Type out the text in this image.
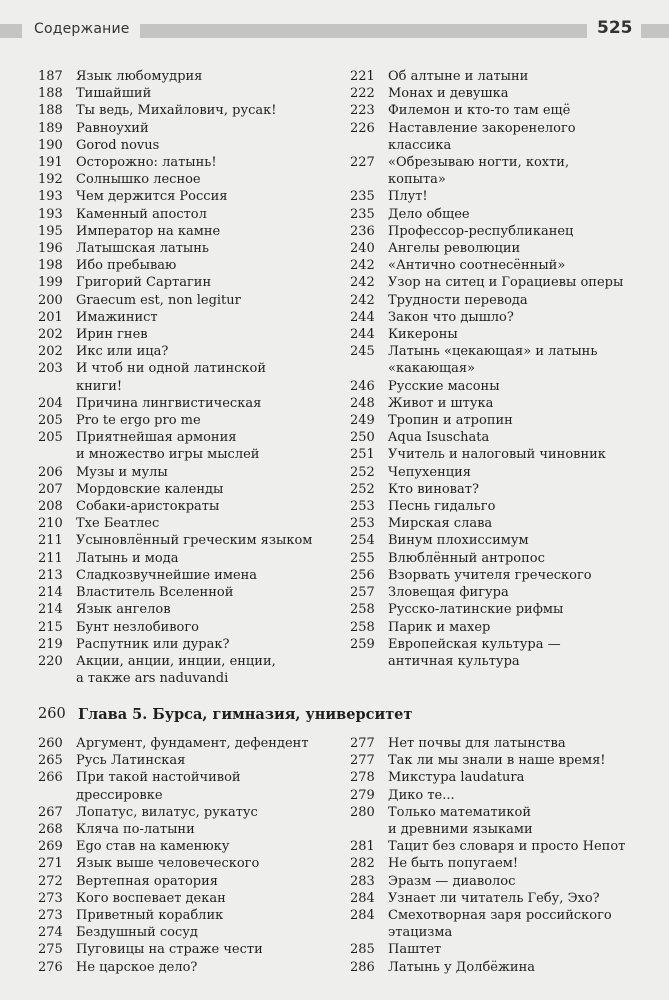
Содержание	525
187	Язык любомудрия
188	Тишайший
188	Ты ведь, Михайлович, русак!
189	Равноухий
190	Gorod novus
191	Осторожно: латынь!
192	Солнышко лесное
193	Чем держится Россия
193	Каменный апостол
195	Император на камне
196	Латышская латынь
198	Ибо пребываю
199	Григорий Сартагин
200	Graecum est, non legitur
201	Имажинист
202	Ирин гнев
202	Икс или ица?
203	И чтоб ни одной латинской
книги!
204	Причина лингвистическая
205	Pro te ergo pro me
205	Приятнейшая армония
и множество игры мыслей
206	Музы и мулы
207	Мордовские календы
208	Собаки-аристократы
210	Тхе Беатлес
211	Усыновлённый греческим языком
211	Латынь и мода
213	Сладкозвучнейшие имена
214	Властитель Вселенной
214	Язык ангелов
215	Бунт незлобивого
219	Распутник или дурак?
220	Акции, анции, инции, енции,
а также ars naduvandi
221	Об алтыне и латыни
222	Монах и девушка
223	Филемон и кто-то там ещё
226	Наставление закоренелого
классика
227	«Обрезываю ногти, кохти,
копыта»
235	Плут!
235	Дело общее
236	Профессор-республиканец
240	Ангелы революции
242	«Антично соотнесённый»
242	Узор на ситец и Горациевы оперы
242	Трудности перевода
244	Закон что дышло?
244	Кикероны
245	Латынь «цекающая» и латынь
«какающая»
246	Русские масоны
248	Живот и штука
249	Тропин и атропин
250	Aqua Isuschata
251	Учитель и налоговый чиновник
252	Чепухенция
252	Кто виноват?
253	Песнь гидальго
253	Мирская слава
254	Винум плохиссимум
255	Влюблённый антропос
256	Взорвать учителя греческого
257	Зловещая фигура
258	Русско-латинские рифмы
258	Парик и махер
259	Европейская культура —
античная культура
260 Глава 5. Бурса, гимназия, университет
260	Аргумент, фундамент, дефендент
265	Русь Латинская
266	При такой настойчивой
дрессировке
267	Лопатус, вилатус, рукатус
268	Кляча по-латыни
269	Ego став на каменюку
271	Язык выше человеческого
272	Вертепная оратория
273	Кого воспевает декан
273	Приветный кораблик
274	Бездушный сосуд
275	Пуговицы на страже чести
276	Не царское дело?
277	Нет почвы для латынства
277	Так ли мы знали в наше время!
278	Микстура laudatura
279	Дико те...
280	Только математикой
и древними языками
281	Тацит без словаря и просто Непот
282	Не быть попугаем!
283	Эразм — диаволос
284	Узнает ли читатель Гебу, Эхо?
284	Смехотворная заря российского
этацизма
285	Паштет
286	Латынь у Долбёжина
